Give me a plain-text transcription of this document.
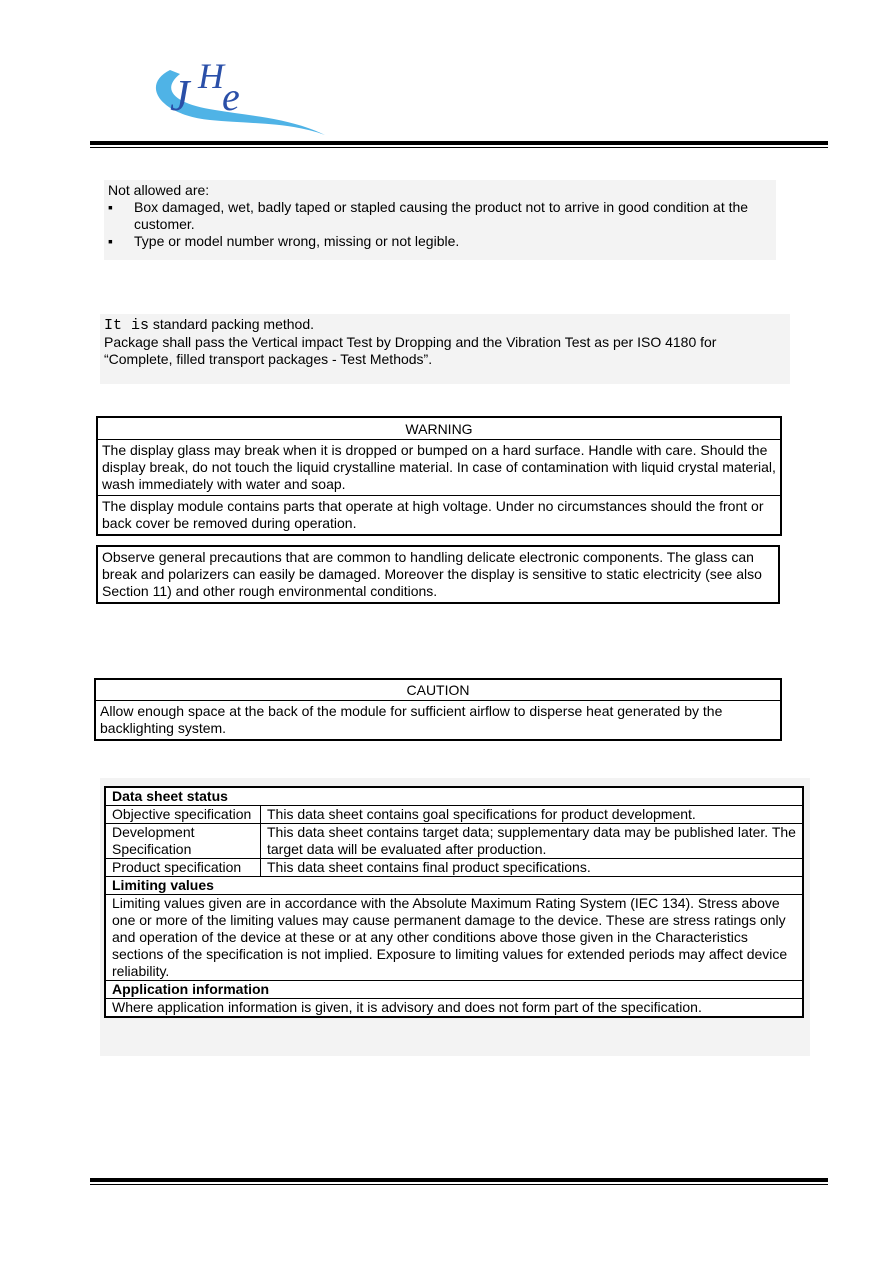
J H
e
Not allowed are:
▪	Box damaged, wet, badly taped or stapled causing the product not to arrive in good condition at the customer.
▪	Type or model number wrong, missing or not legible.
It is standard packing method.
Package shall pass the Vertical impact Test by Dropping and the Vibration Test as per ISO 4180 for “Complete, filled transport packages - Test Methods”.
WARNING
The display glass may break when it is dropped or bumped on a hard surface. Handle with care. Should the display break, do not touch the liquid crystalline material. In case of contamination with liquid crystal material, wash immediately with water and soap.
The display module contains parts that operate at high voltage. Under no circumstances should the front or back cover be removed during operation.
Observe general precautions that are common to handling delicate electronic components. The glass can break and polarizers can easily be damaged. Moreover the display is sensitive to static electricity (see also Section 11) and other rough environmental conditions.
CAUTION
Allow enough space at the back of the module for sufficient airflow to disperse heat generated by the backlighting system.
Data sheet status	
Objective specification	This data sheet contains goal specifications for product development.
Development Specification	This data sheet contains target data; supplementary data may be published later. The target data will be evaluated after production.
Product specification	This data sheet contains final product specifications.
Limiting values	
Limiting values given are in accordance with the Absolute Maximum Rating System (IEC 134). Stress above one or more of the limiting values may cause permanent damage to the device. These are stress ratings only and operation of the device at these or at any other conditions above those given in the Characteristics sections of the specification is not implied. Exposure to limiting values for extended periods may affect device reliability.	
Application information	
Where application information is given, it is advisory and does not form part of the specification.	
